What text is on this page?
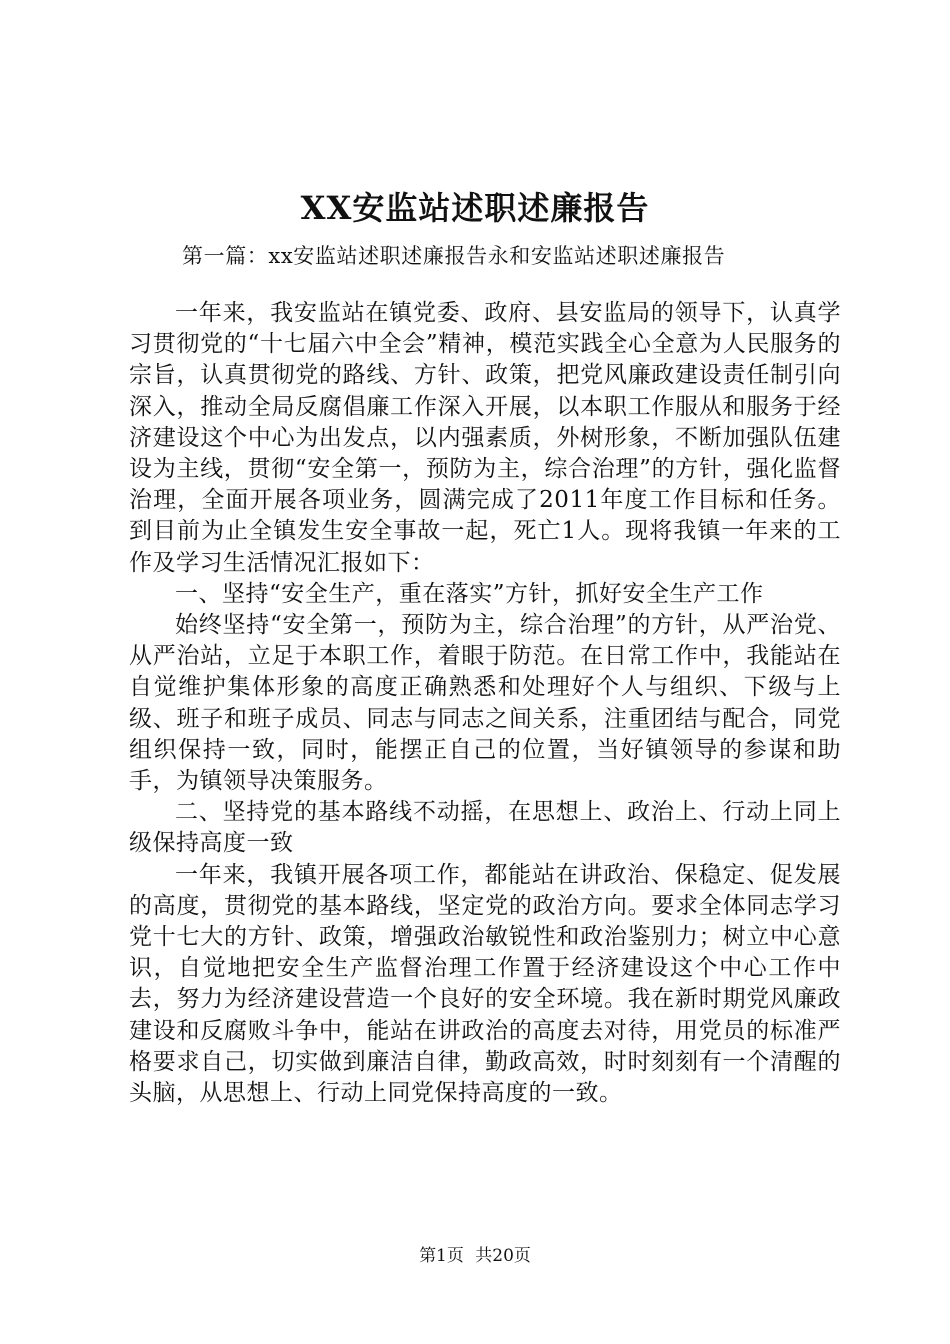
XX安监站述职述廉报告
第一篇：xx安监站述职述廉报告永和安监站述职述廉报告

一年来，我安监站在镇党委、政府、县安监局的领导下，认真学习贯彻党的“十七届六中全会”精神，模范实践全心全意为人民服务的宗旨，认真贯彻党的路线、方针、政策，把党风廉政建设责任制引向深入，推动全局反腐倡廉工作深入开展，以本职工作服从和服务于经济建设这个中心为出发点，以内强素质，外树形象，不断加强队伍建设为主线，贯彻“安全第一，预防为主，综合治理”的方针，强化监督治理，全面开展各项业务，圆满完成了2011年度工作目标和任务。到目前为止全镇发生安全事故一起，死亡1人。现将我镇一年来的工作及学习生活情况汇报如下：

一、坚持“安全生产，重在落实”方针，抓好安全生产工作

始终坚持“安全第一，预防为主，综合治理”的方针，从严治党、从严治站，立足于本职工作，着眼于防范。在日常工作中，我能站在自觉维护集体形象的高度正确熟悉和处理好个人与组织、下级与上级、班子和班子成员、同志与同志之间关系，注重团结与配合，同党组织保持一致，同时，能摆正自己的位置，当好镇领导的参谋和助手，为镇领导决策服务。

二、坚持党的基本路线不动摇，在思想上、政治上、行动上同上级保持高度一致

一年来，我镇开展各项工作，都能站在讲政治、保稳定、促发展的高度，贯彻党的基本路线，坚定党的政治方向。要求全体同志学习党十七大的方针、政策，增强政治敏锐性和政治鉴别力；树立中心意识，自觉地把安全生产监督治理工作置于经济建设这个中心工作中去，努力为经济建设营造一个良好的安全环境。我在新时期党风廉政建设和反腐败斗争中，能站在讲政治的高度去对待，用党员的标准严格要求自己，切实做到廉洁自律，勤政高效，时时刻刻有一个清醒的头脑，从思想上、行动上同党保持高度的一致。

第1页 共20页
